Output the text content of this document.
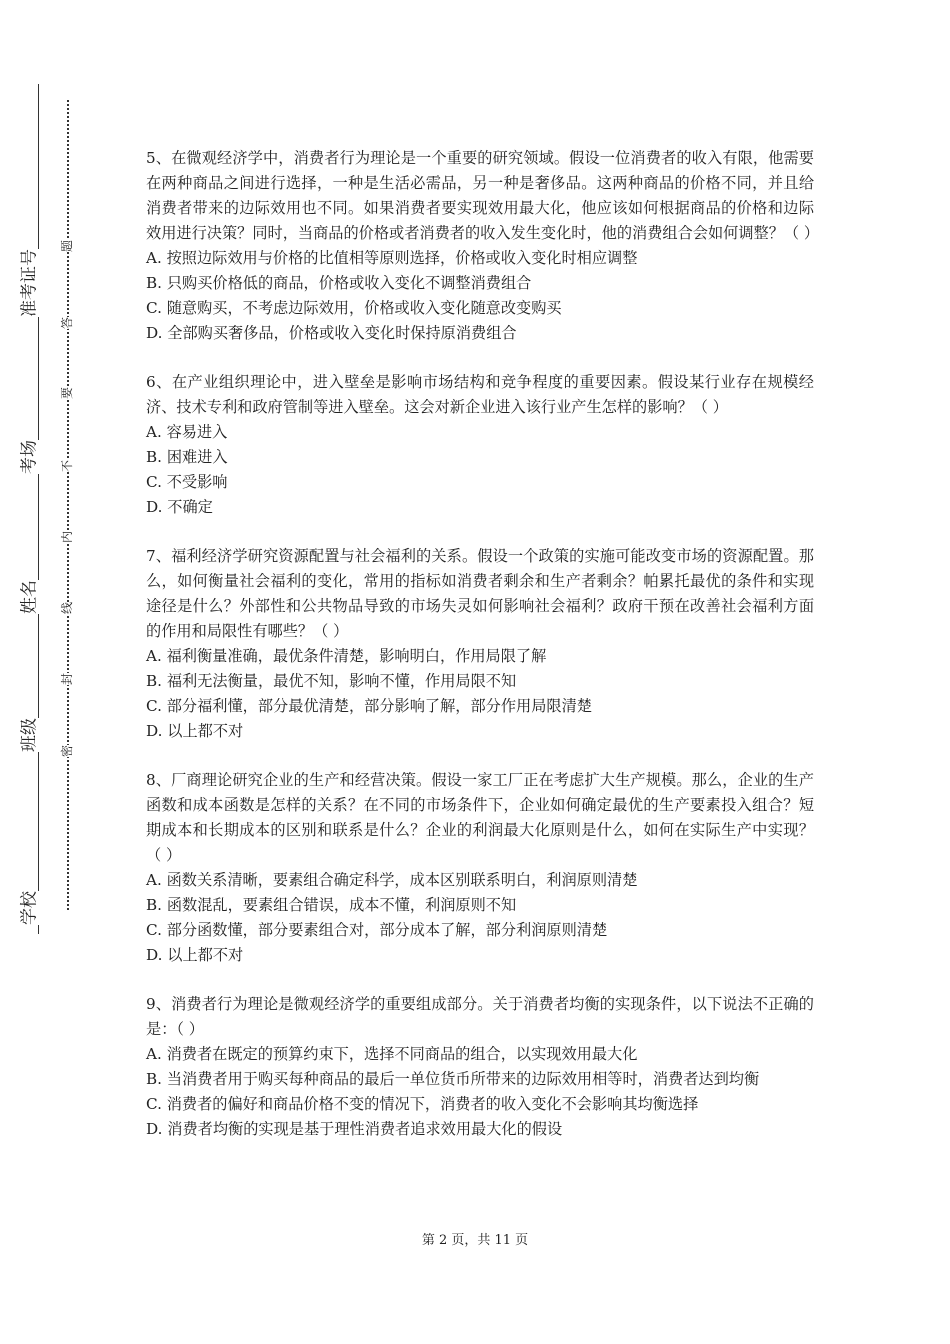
准考证号
考场
姓名
班级
学校
题
答
要
不
内
线
封
密

5、在微观经济学中，消费者行为理论是一个重要的研究领域。假设一位消费者的收入有限，他需要在两种商品之间进行选择，一种是生活必需品，另一种是奢侈品。这两种商品的价格不同，并且给消费者带来的边际效用也不同。如果消费者要实现效用最大化，他应该如何根据商品的价格和边际效用进行决策？同时，当商品的价格或者消费者的收入发生变化时，他的消费组合会如何调整？（ ）

A. 按照边际效用与价格的比值相等原则选择，价格或收入变化时相应调整

B. 只购买价格低的商品，价格或收入变化不调整消费组合

C. 随意购买，不考虑边际效用，价格或收入变化随意改变购买

D. 全部购买奢侈品，价格或收入变化时保持原消费组合

6、在产业组织理论中，进入壁垒是影响市场结构和竞争程度的重要因素。假设某行业存在规模经济、技术专利和政府管制等进入壁垒。这会对新企业进入该行业产生怎样的影响？（ ）

A. 容易进入

B. 困难进入

C. 不受影响

D. 不确定

7、福利经济学研究资源配置与社会福利的关系。假设一个政策的实施可能改变市场的资源配置。那么，如何衡量社会福利的变化，常用的指标如消费者剩余和生产者剩余？帕累托最优的条件和实现途径是什么？外部性和公共物品导致的市场失灵如何影响社会福利？政府干预在改善社会福利方面的作用和局限性有哪些？（ ）

A. 福利衡量准确，最优条件清楚，影响明白，作用局限了解

B. 福利无法衡量，最优不知，影响不懂，作用局限不知

C. 部分福利懂，部分最优清楚，部分影响了解，部分作用局限清楚

D. 以上都不对

8、厂商理论研究企业的生产和经营决策。假设一家工厂正在考虑扩大生产规模。那么，企业的生产函数和成本函数是怎样的关系？在不同的市场条件下，企业如何确定最优的生产要素投入组合？短期成本和长期成本的区别和联系是什么？企业的利润最大化原则是什么，如何在实际生产中实现？（ ）

A. 函数关系清晰，要素组合确定科学，成本区别联系明白，利润原则清楚

B. 函数混乱，要素组合错误，成本不懂，利润原则不知

C. 部分函数懂，部分要素组合对，部分成本了解，部分利润原则清楚

D. 以上都不对

9、消费者行为理论是微观经济学的重要组成部分。关于消费者均衡的实现条件，以下说法不正确的是：（ ）

A. 消费者在既定的预算约束下，选择不同商品的组合，以实现效用最大化

B. 当消费者用于购买每种商品的最后一单位货币所带来的边际效用相等时，消费者达到均衡

C. 消费者的偏好和商品价格不变的情况下，消费者的收入变化不会影响其均衡选择

D. 消费者均衡的实现是基于理性消费者追求效用最大化的假设

第 2 页，共 11 页
